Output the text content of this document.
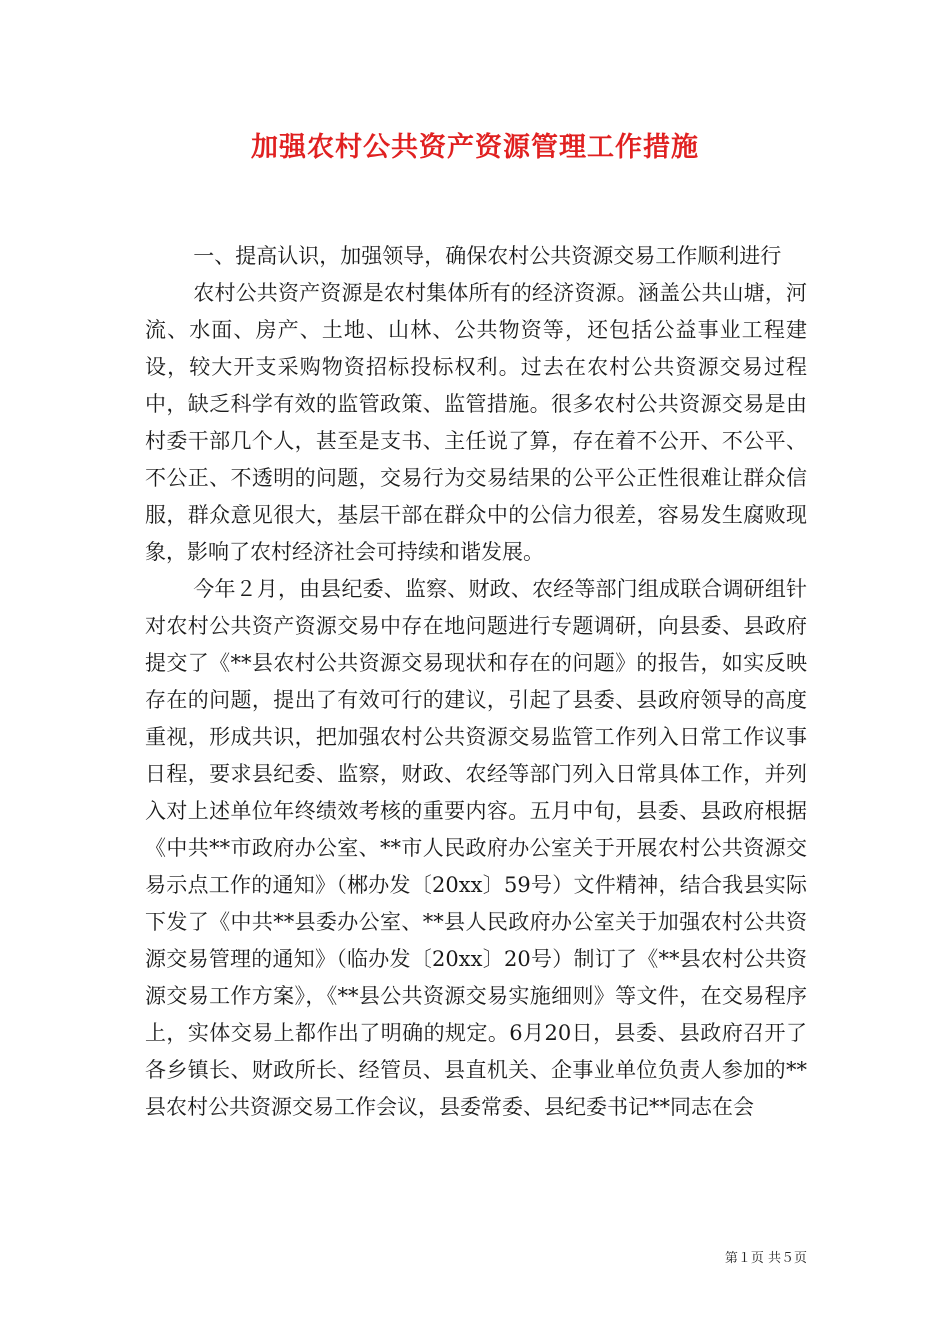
加强农村公共资产资源管理工作措施

一、提高认识，加强领导，确保农村公共资源交易工作顺利进行

农村公共资产资源是农村集体所有的经济资源。涵盖公共山塘，河流、水面、房产、土地、山林、公共物资等，还包括公益事业工程建设，较大开支采购物资招标投标权利。过去在农村公共资源交易过程中，缺乏科学有效的监管政策、监管措施。很多农村公共资源交易是由村委干部几个人，甚至是支书、主任说了算，存在着不公开、不公平、不公正、不透明的问题，交易行为交易结果的公平公正性很难让群众信服，群众意见很大，基层干部在群众中的公信力很差，容易发生腐败现象，影响了农村经济社会可持续和谐发展。

今年２月，由县纪委、监察、财政、农经等部门组成联合调研组针对农村公共资产资源交易中存在地问题进行专题调研，向县委、县政府提交了《**县农村公共资源交易现状和存在的问题》的报告，如实反映存在的问题，提出了有效可行的建议，引起了县委、县政府领导的高度重视，形成共识，把加强农村公共资源交易监管工作列入日常工作议事日程，要求县纪委、监察，财政、农经等部门列入日常具体工作，并列入对上述单位年终绩效考核的重要内容。五月中旬，县委、县政府根据《中共**市政府办公室、**市人民政府办公室关于开展农村公共资源交易示点工作的通知》（郴办发〔20xx〕59号）文件精神，结合我县实际下发了《中共**县委办公室、**县人民政府办公室关于加强农村公共资源交易管理的通知》（临办发〔20xx〕20号）制订了《**县农村公共资源交易工作方案》，《**县公共资源交易实施细则》等文件，在交易程序上，实体交易上都作出了明确的规定。6月20日，县委、县政府召开了各乡镇长、财政所长、经管员、县直机关、企事业单位负责人参加的**县农村公共资源交易工作会议，县委常委、县纪委书记**同志在会

第１页 共５页
